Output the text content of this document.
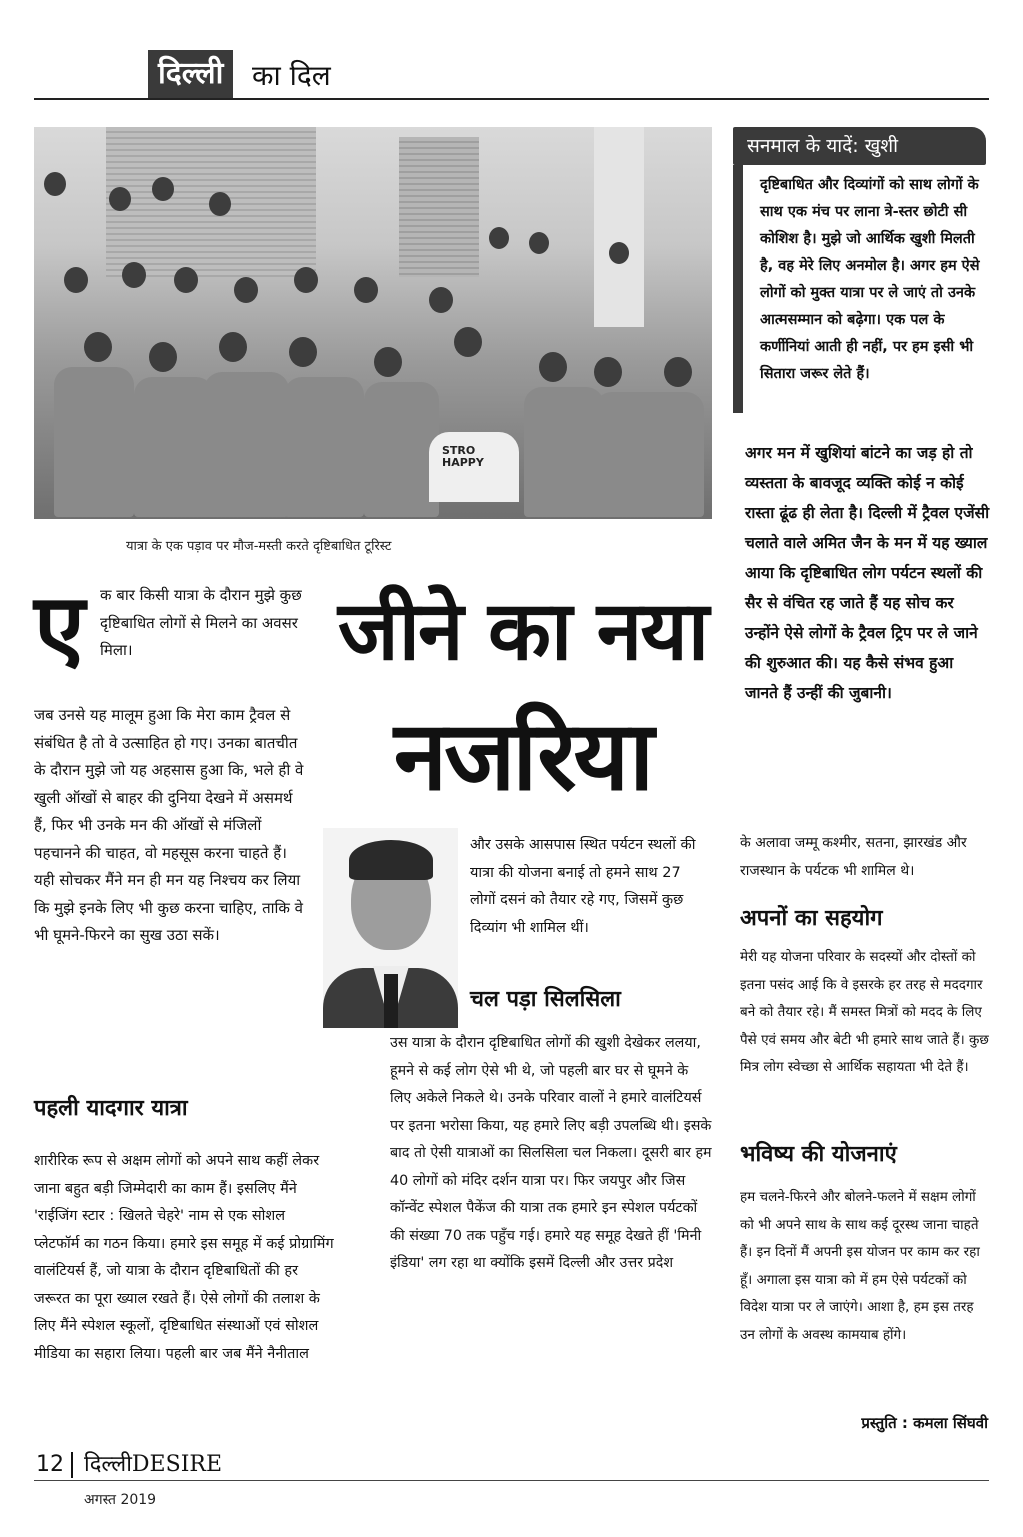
दिल्ली	का दिल
STRO
HAPPY
यात्रा के एक पड़ाव पर मौज-मस्ती करते दृष्टिबाधित टूरिस्ट
सनमाल के यादें: खुशी
दृष्टिबाधित और दिव्यांगों को साथ लोगों के साथ एक मंच पर लाना त्रे-स्तर छोटी सी कोशिश है। मुझे जो आर्थिक खुशी मिलती है, वह मेरे लिए अनमोल है। अगर हम ऐसे लोगों को मुक्त यात्रा पर ले जाएं तो उनके आत्मसम्मान को बढ़ेगा। एक पल के कर्णीनियां आती ही नहीं, पर हम इसी भी सितारा जरूर लेते हैं।
अगर मन में खुशियां बांटने का जड़ हो तो व्यस्तता के बावजूद व्यक्ति कोई न कोई रास्ता ढूंढ ही लेता है। दिल्ली में ट्रैवल एजेंसी चलाते वाले अमित जैन के मन में यह ख्याल आया कि दृष्टिबाधित लोग पर्यटन स्थलों की सैर से वंचित रह जाते हैं यह सोच कर उन्होंने ऐसे लोगों के ट्रैवल ट्रिप पर ले जाने की शुरुआत की। यह कैसे संभव हुआ जानते हैं उन्हीं की जुबानी।
जीने का नया
नजरिया
ए क बार किसी यात्रा के दौरान मुझे कुछ दृष्टिबाधित लोगों से मिलने का अवसर मिला।
जब उनसे यह मालूम हुआ कि मेरा काम ट्रैवल से संबंधित है तो वे उत्साहित हो गए। उनका बातचीत के दौरान मुझे जो यह अहसास हुआ कि, भले ही वे खुली ऑखों से बाहर की दुनिया देखने में असमर्थ हैं, फिर भी उनके मन की ऑखों से मंजिलों पहचानने की चाहत, वो महसूस करना चाहते हैं। यही सोचकर मैंने मन ही मन यह निश्चय कर लिया कि मुझे इनके लिए भी कुछ करना चाहिए, ताकि वे भी घूमने-फिरने का सुख उठा सकें।
पहली यादगार यात्रा
शारीरिक रूप से अक्षम लोगों को अपने साथ कहीं लेकर जाना बहुत बड़ी जिम्मेदारी का काम हैं। इसलिए मैंने 'राईजिंग स्टार : खिलते चेहरे' नाम से एक सोशल प्लेटफॉर्म का गठन किया। हमारे इस समूह में कई प्रोग्रामिंग वालंटियर्स हैं, जो यात्रा के दौरान दृष्टिबाधितों की हर जरूरत का पूरा ख्याल रखते हैं। ऐसे लोगों की तलाश के लिए मैंने स्पेशल स्कूलों, दृष्टिबाधित संस्थाओं एवं सोशल मीडिया का सहारा लिया। पहली बार जब मैंने नैनीताल
और उसके आसपास स्थित पर्यटन स्थलों की यात्रा की योजना बनाई तो हमने साथ 27 लोगों दसनं को तैयार रहे गए, जिसमें कुछ दिव्यांग भी शामिल थीं।
चल पड़ा सिलसिला
उस यात्रा के दौरान दृष्टिबाधित लोगों की खुशी देखेकर ललया, हूमने से कई लोग ऐसे भी थे, जो पहली बार घर से घूमने के लिए अकेले निकले थे। उनके परिवार वालों ने हमारे वालंटियर्स पर इतना भरोसा किया, यह हमारे लिए बड़ी उपलब्धि थी। इसके बाद तो ऐसी यात्राओं का सिलसिला चल निकला। दूसरी बार हम 40 लोगों को मंदिर दर्शन यात्रा पर। फिर जयपुर और जिस कॉन्वेंट स्पेशल पैकेंज की यात्रा तक हमारे इन स्पेशल पर्यटकों की संख्या 70 तक पहुँच गई। हमारे यह समूह देखते हीं 'मिनी इंडिया' लग रहा था क्योंकि इसमें दिल्ली और उत्तर प्रदेश
के अलावा जम्मू कश्मीर, सतना, झारखंड और राजस्थान के पर्यटक भी शामिल थे।
अपनों का सहयोग
मेरी यह योजना परिवार के सदस्यों और दोस्तों को इतना पसंद आई कि वे इसरके हर तरह से मददगार बने को तैयार रहे। मैं समस्त मित्रों को मदद के लिए पैसे एवं समय और बेटी भी हमारे साथ जाते हैं। कुछ मित्र लोग स्वेच्छा से आर्थिक सहायता भी देते हैं।
भविष्य की योजनाएं
हम चलने-फिरने और बोलने-फलने में सक्षम लोगों को भी अपने साथ के साथ कई दूरस्थ जाना चाहते हैं। इन दिनों मैं अपनी इस योजन पर काम कर रहा हूँ। अगाला इस यात्रा को में हम ऐसे पर्यटकों को विदेश यात्रा पर ले जाएंगे। आशा है, हम इस तरह उन लोगों के अवस्थ कामयाब होंगे।
प्रस्तुति : कमला सिंघवी
12 दिल्लीDESIRE
अगस्त 2019
